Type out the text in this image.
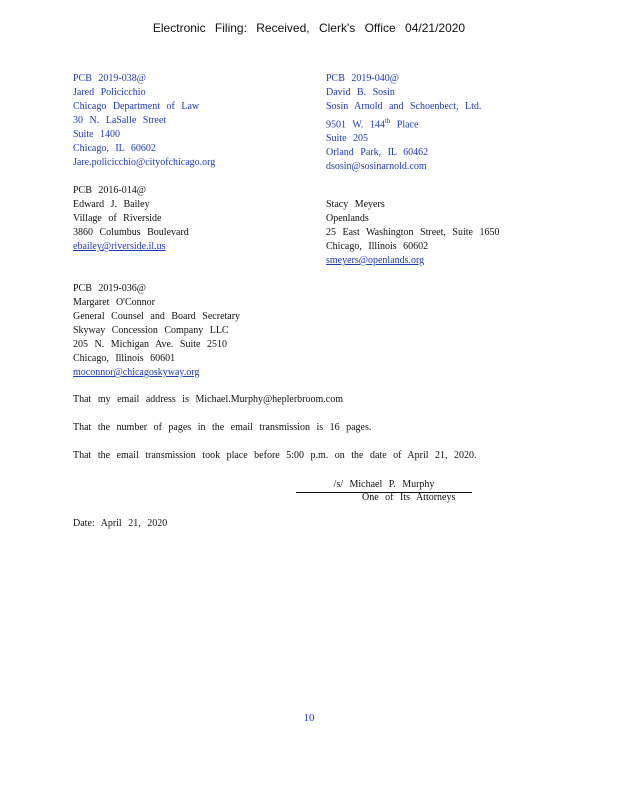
Electronic Filing: Received, Clerk's Office 04/21/2020
PCB 2019-038@
Jared Policicchio
Chicago Department of Law
30 N. LaSalle Street
Suite 1400
Chicago, IL 60602
Jare.policicchio@cityofchicago.org
PCB 2019-040@
David B. Sosin
Sosin Arnold and Schoenbect, Ltd.
9501 W. 144th Place
Suite 205
Orland Park, IL 60462
dsosin@sosinarnold.com
PCB 2016-014@
Edward J. Bailey
Village of Riverside
3860 Columbus Boulevard
ebailey@riverside.il.us
Stacy Meyers
Openlands
25 East Washington Street, Suite 1650
Chicago, Illinois 60602
smeyers@openlands.org
PCB 2019-036@
Margaret O'Connor
General Counsel and Board Secretary
Skyway Concession Company LLC
205 N. Michigan Ave. Suite 2510
Chicago, Illinois 60601
moconnor@chicagoskyway.org
That my email address is Michael.Murphy@heplerbroom.com
That the number of pages in the email transmission is 16 pages.
That the email transmission took place before 5:00 p.m. on the date of April 21, 2020.
/s/ Michael P. Murphy
One of Its Attorneys
Date: April 21, 2020
10
